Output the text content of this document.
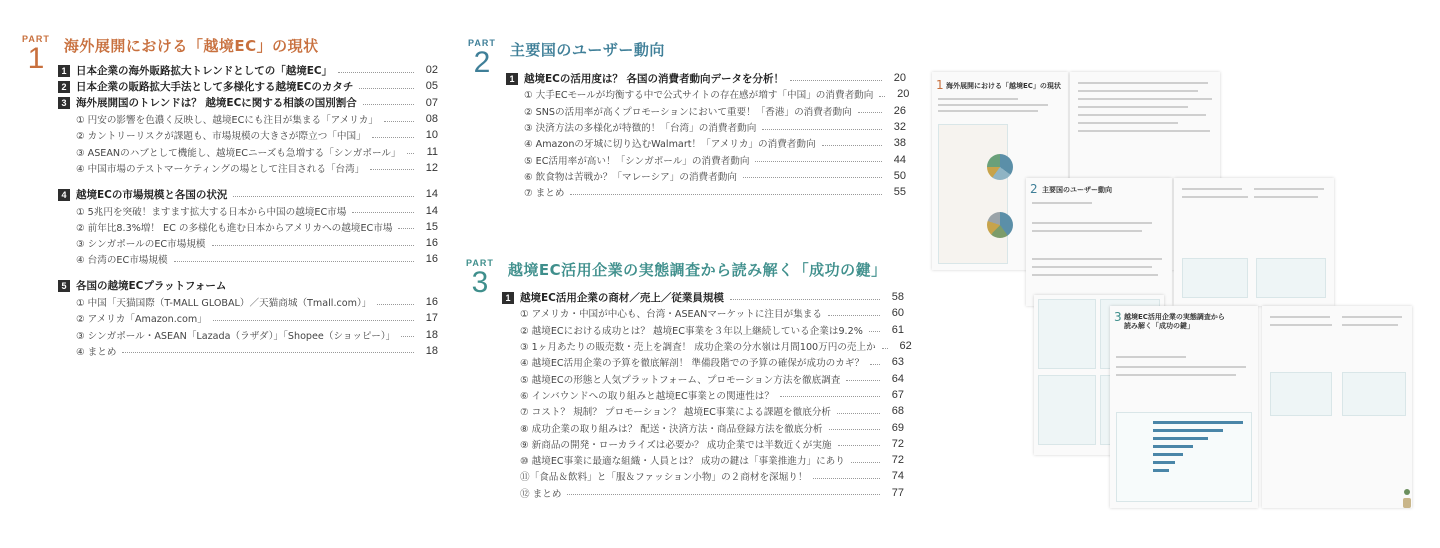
PART
1 海外展開における「越境EC」の現状
1 日本企業の海外販路拡大トレンドとしての「越境EC」	02
2 日本企業の販路拡大手法として多様化する越境ECのカタチ	05
3 海外展開国のトレンドは？ 越境ECに関する相談の国別割合	07
① 円安の影響を色濃く反映し、越境ECにも注目が集まる「アメリカ」	08
② カントリーリスクが課題も、市場規模の大きさが際立つ「中国」	10
③ ASEANのハブとして機能し、越境ECニーズも急増する「シンガポール」	11
④ 中国市場のテストマーケティングの場として注目される「台湾」	12
4 越境ECの市場規模と各国の状況	14
① 5兆円を突破！ますます拡大する日本から中国の越境EC市場	14
② 前年比8.3%増！ EC の多様化も進む日本からアメリカへの越境EC市場	15
③ シンガポールのEC市場規模	16
④ 台湾のEC市場規模	16
5 各国の越境ECプラットフォーム
① 中国「天猫国際（T-MALL GLOBAL）／天猫商城（Tmall.com）」	16
② アメリカ「Amazon.com」	17
③ シンガポール・ASEAN「Lazada（ラザダ）」「Shopee（ショッピー）」	18
④ まとめ	18
PART
2 主要国のユーザー動向
1 越境ECの活用度は？ 各国の消費者動向データを分析！	20
① 大手ECモールが均衡する中で公式サイトの存在感が増す「中国」の消費者動向	20
② SNSの活用率が高くプロモーションにおいて重要！「香港」の消費者動向	26
③ 決済方法の多様化が特徴的！「台湾」の消費者動向	32
④ Amazonの牙城に切り込むWalmart！「アメリカ」の消費者動向	38
⑤ EC活用率が高い！「シンガポール」の消費者動向	44
⑥ 飲食物は苦戦か？「マレーシア」の消費者動向	50
⑦ まとめ	55
PART
3 越境EC活用企業の実態調査から読み解く「成功の鍵」
1 越境EC活用企業の商材／売上／従業員規模	58
① アメリカ・中国が中心も、台湾・ASEANマーケットに注目が集まる	60
② 越境ECにおける成功とは？ 越境EC事業を３年以上継続している企業は9.2%	61
③ 1ヶ月あたりの販売数・売上を調査！ 成功企業の分水嶺は月間100万円の売上か	62
④ 越境EC活用企業の予算を徹底解剖！ 準備段階での予算の確保が成功のカギ？	63
⑤ 越境ECの形態と人気プラットフォーム、プロモーション方法を徹底調査	64
⑥ インバウンドへの取り組みと越境EC事業との関連性は？	67
⑦ コスト？ 規制？ プロモーション？ 越境EC事業による課題を徹底分析	68
⑧ 成功企業の取り組みは？ 配送・決済方法・商品登録方法を徹底分析	69
⑨ 新商品の開発・ローカライズは必要か？ 成功企業では半数近くが実施	72
⑩ 越境EC事業に最適な組織・人員とは？ 成功の鍵は「事業推進力」にあり	72
⑪「食品＆飲料」と「服＆ファッション小物」の２商材を深堀り！	74
⑫ まとめ	77
1 海外展開における「越境EC」の現状
2 主要国のユーザー動向
3 越境EC活用企業の実態調査から
読み解く「成功の鍵」
